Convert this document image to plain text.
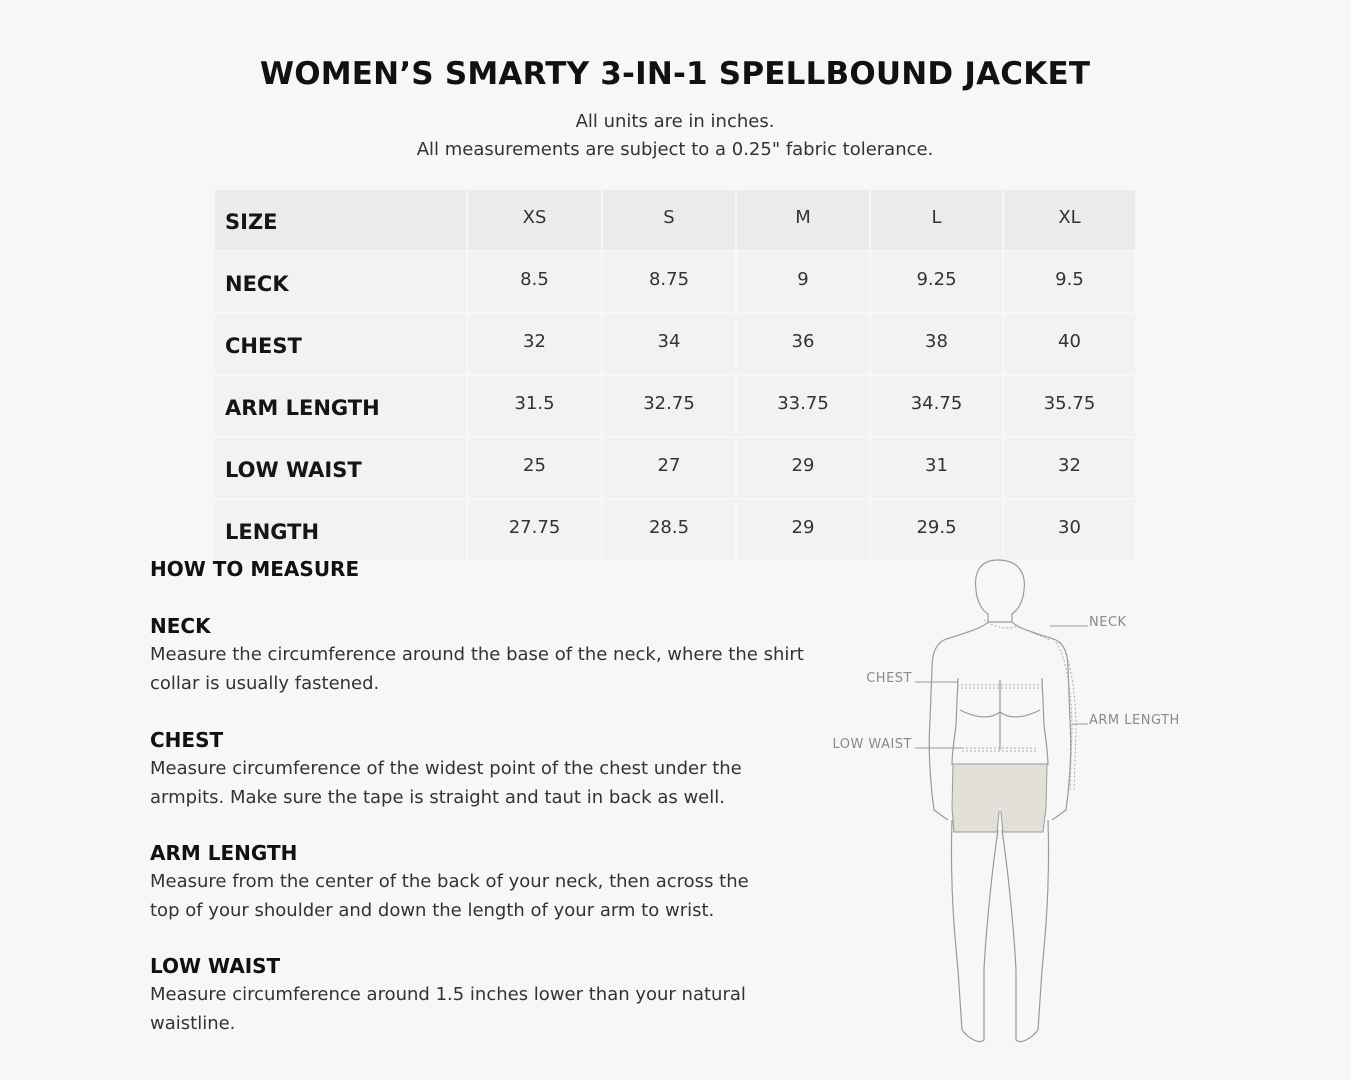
WOMEN’S SMARTY 3-IN-1 SPELLBOUND JACKET
All units are in inches.
All measurements are subject to a 0.25" fabric tolerance.
SIZE	XS	S	M	L	XL
NECK	8.5	8.75	9	9.25	9.5
CHEST	32	34	36	38	40
ARM LENGTH	31.5	32.75	33.75	34.75	35.75
LOW WAIST	25	27	29	31	32
LENGTH	27.75	28.5	29	29.5	30
HOW TO MEASURE
NECK
Measure the circumference around the base of the neck, where the shirt
collar is usually fastened.
CHEST
Measure circumference of the widest point of the chest under the
armpits. Make sure the tape is straight and taut in back as well.
ARM LENGTH
Measure from the center of the back of your neck, then across the
top of your shoulder and down the length of your arm to wrist.
LOW WAIST
Measure circumference around 1.5 inches lower than your natural
waistline.
NECK
CHEST
LOW WAIST
ARM LENGTH
